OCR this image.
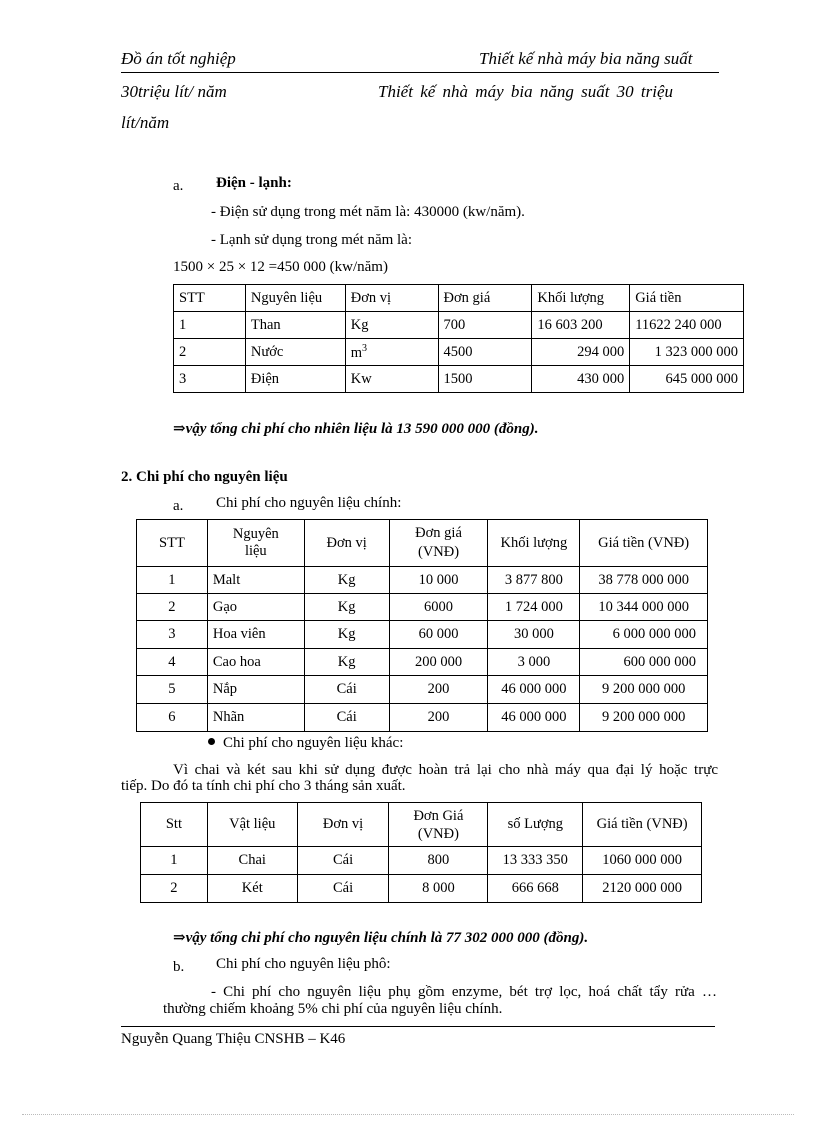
Đồ án tốt nghiệp	Thiết kế nhà máy bia năng suất
30triệu lít/ năm	Thiết kế nhà máy bia năng suất 30 triệu
lít/năm
a. Điện - lạnh:
- Điện sử dụng trong mét năm là: 430000 (kw/năm).
- Lạnh sử dụng trong mét năm là:
1500 × 25 × 12 =450 000 (kw/năm)
STT	Nguyên liệu	Đơn vị	Đơn giá	Khối lượng	Giá tiền
1	Than	Kg	700	16 603 200	11622 240 000
2	Nước	$m^3$	4500	294 000	1 323 000 000
3	Điện	Kw	1500	430 000	645 000 000
⇒vậy tổng chi phí cho nhiên liệu là 13 590 000 000 (đồng).
2. Chi phí cho nguyên liệu
a. Chi phí cho nguyên liệu chính:
STT	Nguyên liệu	Đơn vị	Đơn giá (VNĐ)	Khối lượng	Giá tiền (VNĐ)
1	Malt	Kg	10 000	3 877 800	38 778 000 000
2	Gạo	Kg	6000	1 724 000	10 344 000 000
3	Hoa viên	Kg	60 000	30 000	6 000 000 000
4	Cao hoa	Kg	200 000	3 000	600 000 000
5	Nắp	Cái	200	46 000 000	9 200 000 000
6	Nhãn	Cái	200	46 000 000	9 200 000 000
Chi phí cho nguyên liệu khác:
Vì chai và két sau khi sử dụng được hoàn trả lại cho nhà máy qua đại lý hoặc trực
tiếp. Do đó ta tính chi phí cho 3 tháng sản xuất.
Stt	Vật liệu	Đơn vị	Đơn Giá (VNĐ)	số Lượng	Giá tiền (VNĐ)
1	Chai	Cái	800	13 333 350	1060 000 000
2	Két	Cái	8 000	666 668	2120 000 000
⇒vậy tổng chi phí cho nguyên liệu chính là 77 302 000 000 (đồng).
b. Chi phí cho nguyên liệu phô:
- Chi phí cho nguyên liệu phụ gồm enzyme, bét trợ lọc, hoá chất tẩy rửa …
thường chiếm khoảng 5% chi phí của nguyên liệu chính.
Nguyễn Quang Thiệu CNSHB – K46
